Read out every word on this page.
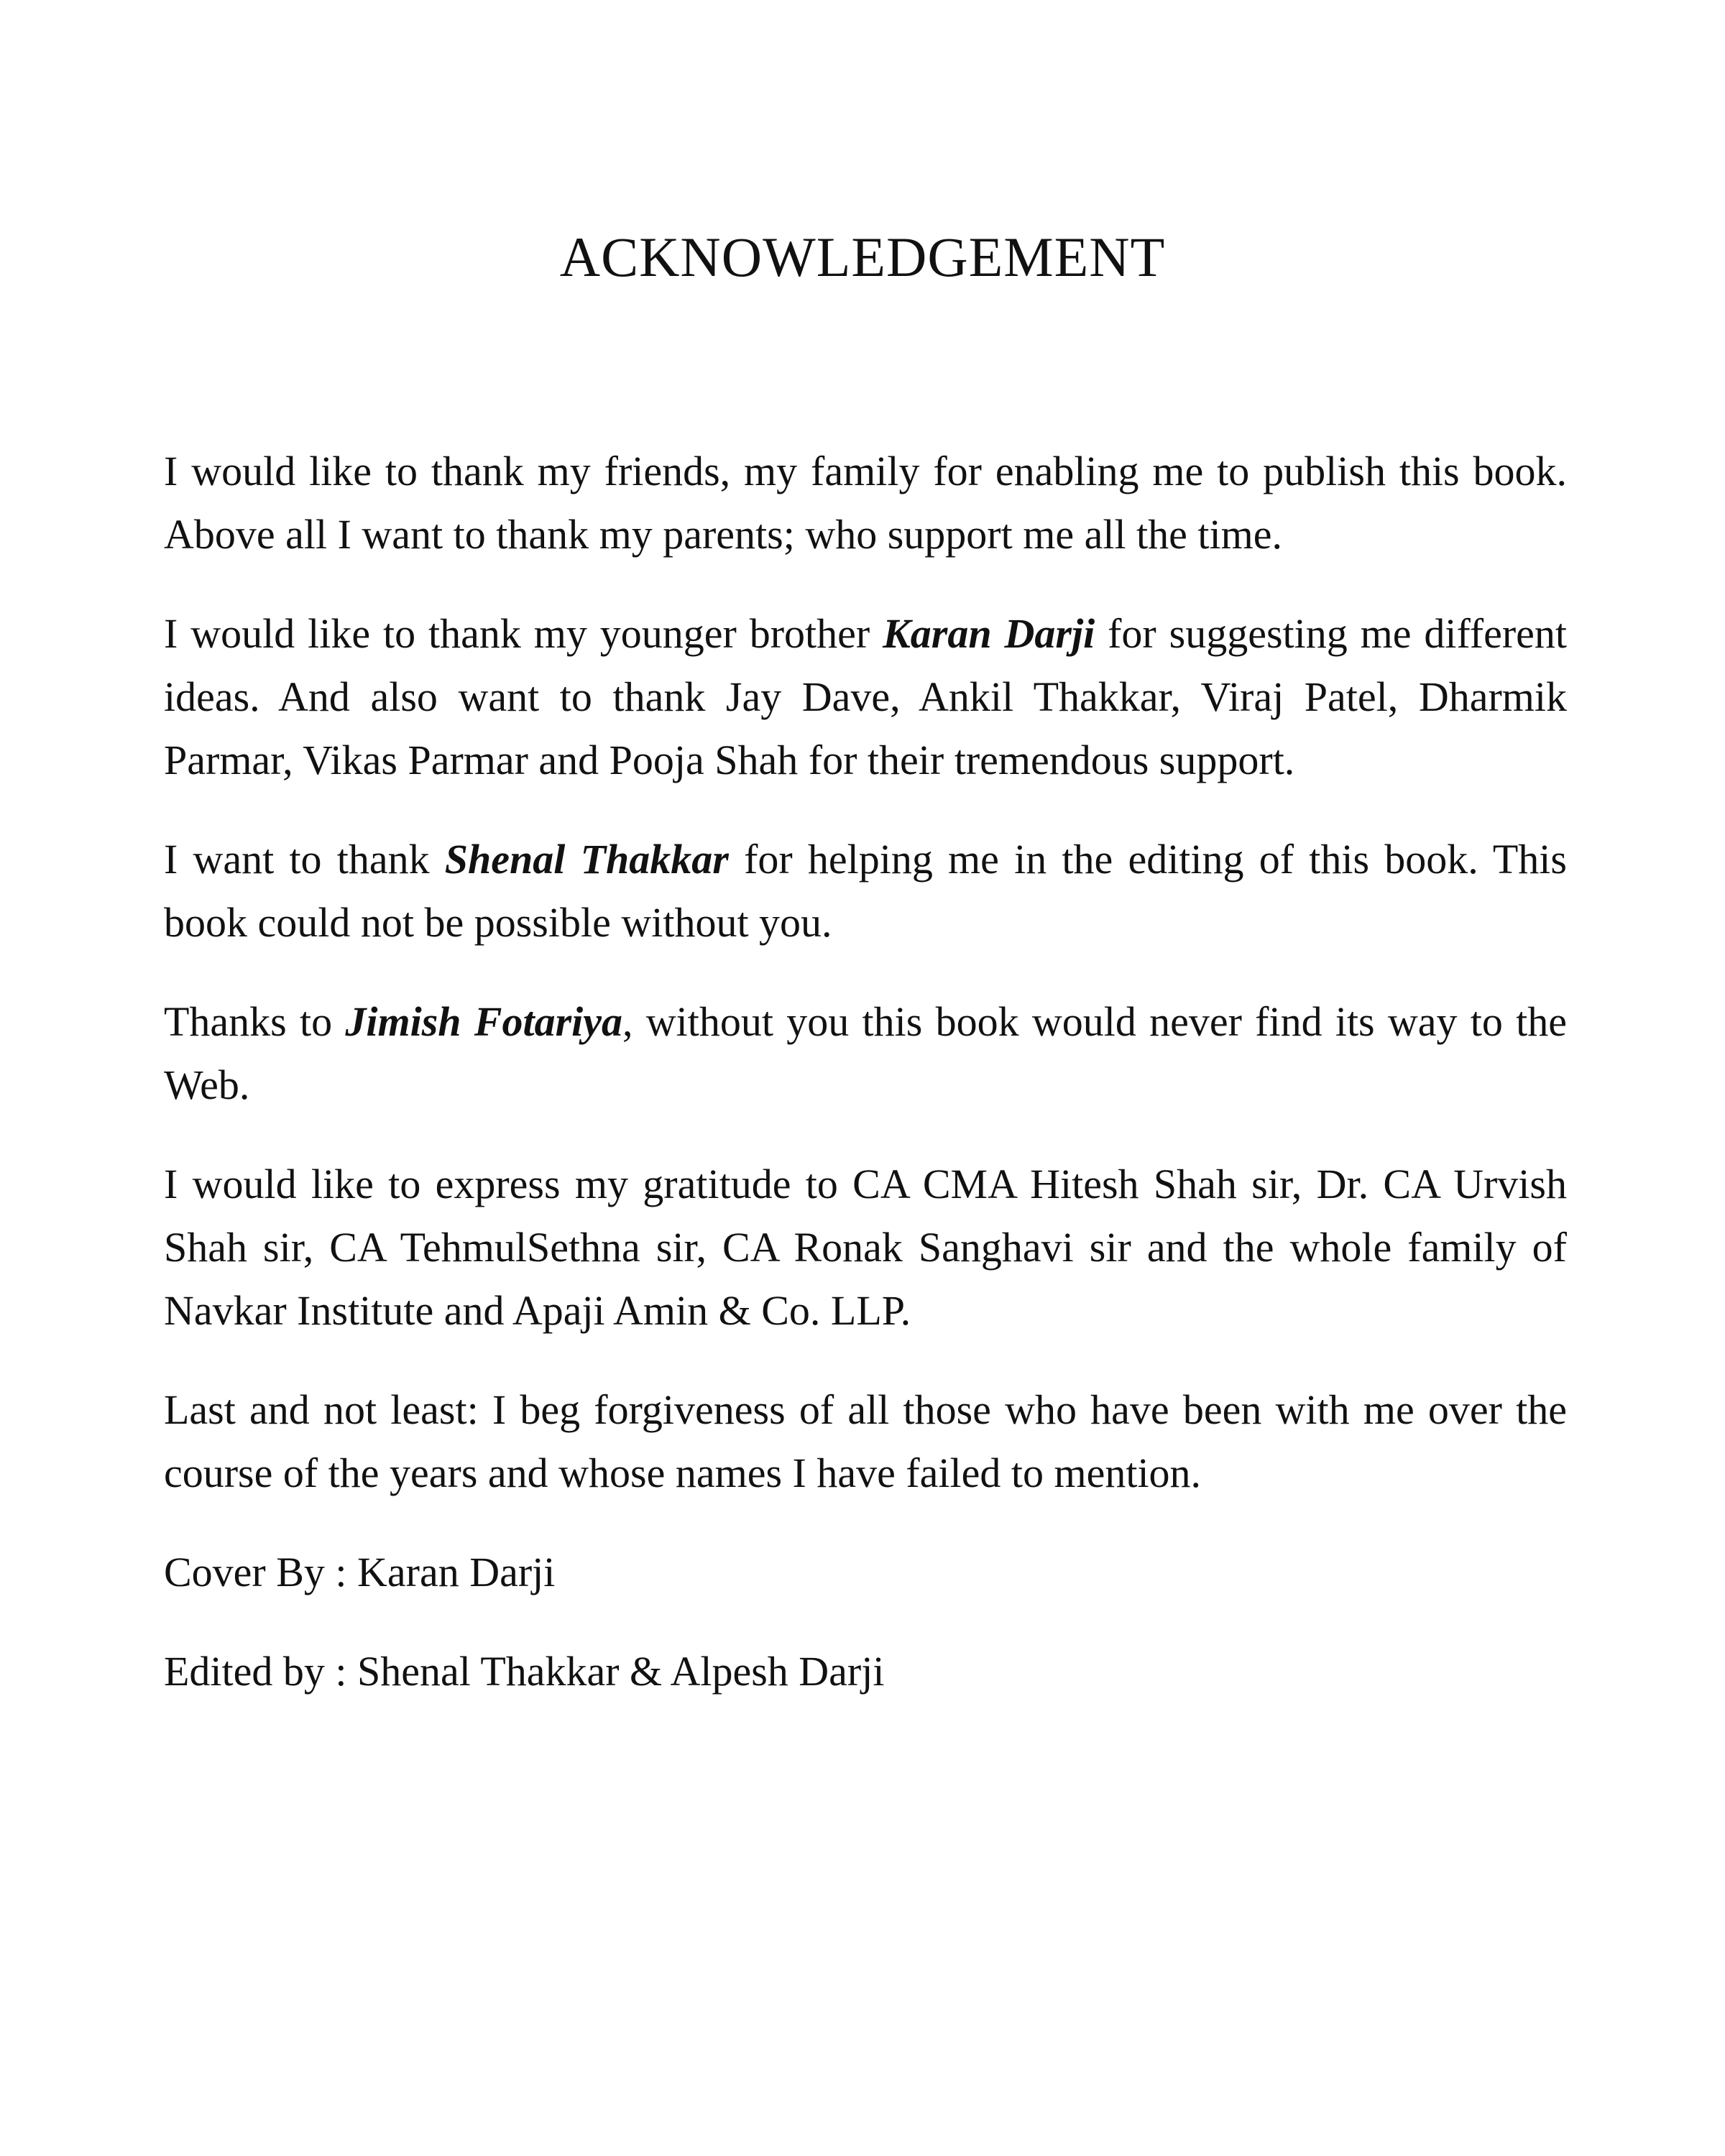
ACKNOWLEDGEMENT

I would like to thank my friends, my family for enabling me to publish this book. Above all I want to thank my parents; who support me all the time.

I would like to thank my younger brother Karan Darji for suggesting me different ideas. And also want to thank Jay Dave, Ankil Thakkar, Viraj Patel, Dharmik Parmar, Vikas Parmar and Pooja Shah for their tremendous support.

I want to thank Shenal Thakkar for helping me in the editing of this book. This book could not be possible without you.

Thanks to Jimish Fotariya, without you this book would never find its way to the Web.

I would like to express my gratitude to CA CMA Hitesh Shah sir, Dr. CA Urvish Shah sir, CA TehmulSethna sir, CA Ronak Sanghavi sir and the whole family of Navkar Institute and Apaji Amin & Co. LLP.

Last and not least: I beg forgiveness of all those who have been with me over the course of the years and whose names I have failed to mention.

Cover By : Karan Darji

Edited by : Shenal Thakkar & Alpesh Darji
